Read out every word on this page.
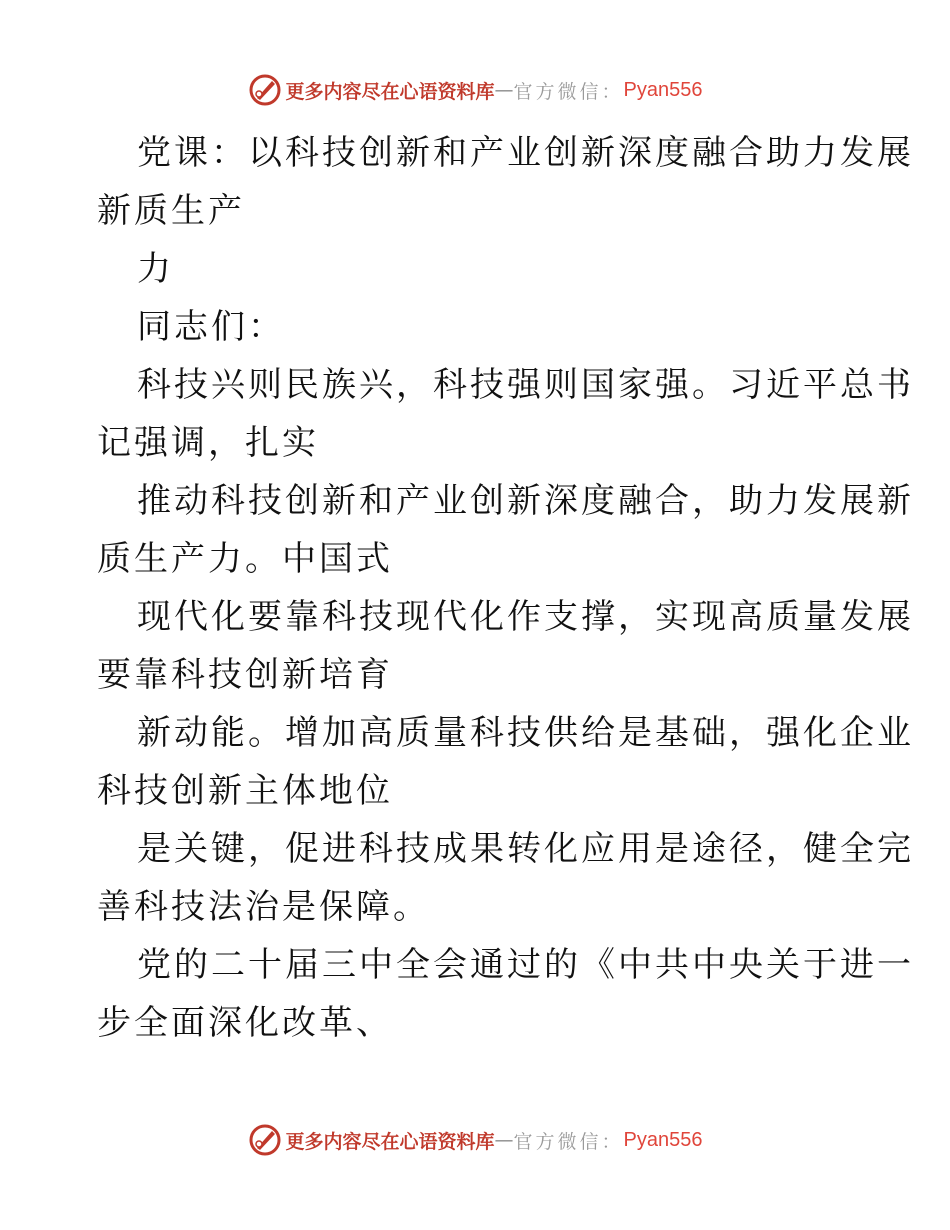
更多内容尽在心语资料库 — 官方微信： Pyan556
党课：以科技创新和产业创新深度融合助力发展
新质生产
力
同志们：
科技兴则民族兴，科技强则国家强。习近平总书
记强调，扎实
推动科技创新和产业创新深度融合，助力发展新
质生产力。中国式
现代化要靠科技现代化作支撑，实现高质量发展
要靠科技创新培育
新动能。增加高质量科技供给是基础，强化企业
科技创新主体地位
是关键，促进科技成果转化应用是途径，健全完
善科技法治是保障。
党的二十届三中全会通过的《中共中央关于进一
步全面深化改革、
更多内容尽在心语资料库 — 官方微信： Pyan556
